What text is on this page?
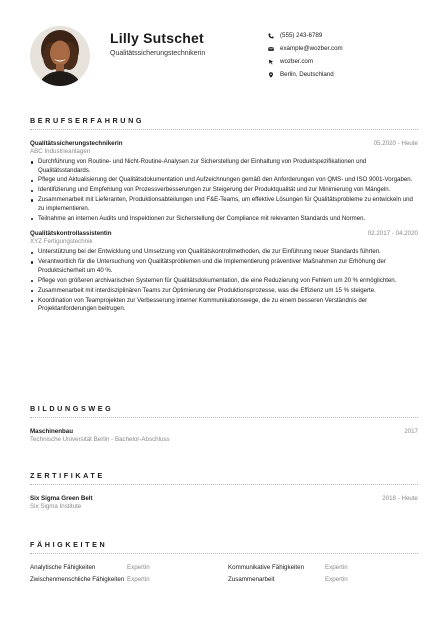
Lilly Sutschet
Qualitätssicherungstechnikerin
(555) 243-6789
example@wozber.com
wozber.com
Berlin, Deutschland
BERUFSERFAHRUNG
Qualitätssicherungstechnikerin	05.2020 - Heute
ABC Industrieanlagen
Durchführung von Routine- und Nicht-Routine-Analysen zur Sicherstellung der Einhaltung von Produktspezifikationen und Qualitätsstandards.
Pflege und Aktualisierung der Qualitätsdokumentation und Aufzeichnungen gemäß den Anforderungen von QMS- und ISO 9001-Vorgaben.
Identifizierung und Empfehlung von Prozessverbesserungen zur Steigerung der Produktqualität und zur Minimierung von Mängeln.
Zusammenarbeit mit Lieferanten, Produktionsabteilungen und F&E-Teams, um effektive Lösungen für Qualitätsprobleme zu entwickeln und zu implementieren.
Teilnahme an internen Audits und Inspektionen zur Sicherstellung der Compliance mit relevanten Standards und Normen.
Qualitätskontrollassistentin	02.2017 - 04.2020
XYZ Fertigungstechnik
Unterstützung bei der Entwicklung und Umsetzung von Qualitätskontrollmethoden, die zur Einführung neuer Standards führten.
Verantwortlich für die Untersuchung von Qualitätsproblemen und die Implementierung präventiver Maßnahmen zur Erhöhung der Produktsicherheit um 40 %.
Pflege von größeren archivarischen Systemen für Qualitätsdokumentation, die eine Reduzierung von Fehlern um 20 % ermöglichten.
Zusammenarbeit mit interdisziplinären Teams zur Optimierung der Produktionsprozesse, was die Effizienz um 15 % steigerte.
Koordination von Teamprojekten zur Verbesserung interner Kommunikationswege, die zu einem besseren Verständnis der Projektanforderungen beitrugen.
BILDUNGSWEG
Maschinenbau	2017
Technische Universität Berlin - Bachelor-Abschluss
ZERTIFIKATE
Six Sigma Green Belt	2018 - Heute
Six Sigma Institute
FÄHIGKEITEN
Analytische Fähigkeiten	Expertin	Kommunikative Fähigkeiten	Expertin
Zwischenmenschliche Fähigkeiten Expertin	Zusammenarbeit	Expertin
